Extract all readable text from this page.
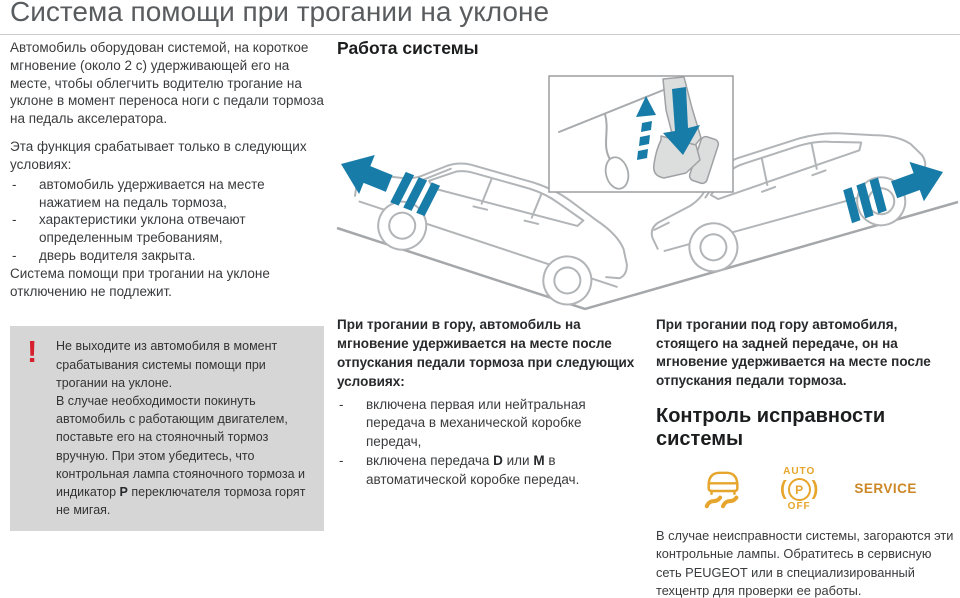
Система помощи при трогании на уклоне

Автомобиль оборудован системой, на короткое мгновение (около 2 с) удерживающей его на месте, чтобы облегчить водителю трогание на уклоне в момент переноса ноги с педали тормоза на педаль акселератора.

Эта функция срабатывает только в следующих условиях:

- автомобиль удерживается на месте нажатием на педаль тормоза,
- характеристики уклона отвечают определенным требованиям,
- дверь водителя закрыта.

Система помощи при трогании на уклоне отключению не подлежит.

! Не выходите из автомобиля в момент срабатывания системы помощи при трогании на уклоне.

В случае необходимости покинуть автомобиль с работающим двигателем, поставьте его на стояночный тормоз вручную. При этом убедитесь, что контрольная лампа стояночного тормоза и индикатор P переключателя тормоза горят не мигая.

Работа системы

При трогании в гору, автомобиль на мгновение удерживается на месте после отпускания педали тормоза при следующих условиях:

- включена первая или нейтральная передача в механической коробке передач,
- включена передача D или M в автоматической коробке передач.

При трогании под гору автомобиля, стоящего на задней передаче, он на мгновение удерживается на месте после отпускания педали тормоза.

Контроль исправности системы
AUTO
( P )
OFF
SERVICE

В случае неисправности системы, загораются эти контрольные лампы. Обратитесь в сервисную сеть PEUGEOT или в специализированный техцентр для проверки ее работы.
